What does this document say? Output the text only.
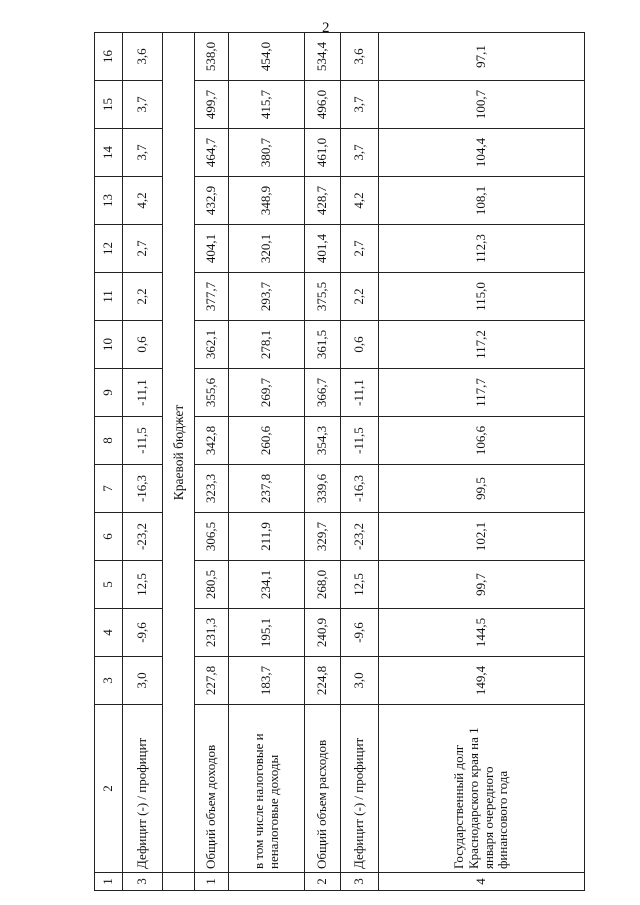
2
1	2	3	4	5	6	7	8	9	10	11	12	13	14	15	16
3	Дефицит (-) / профицит	3,0	-9,6	12,5	-23,2	-16,3	-11,5	-11,1	0,6	2,2	2,7	4,2	3,7	3,7	3,6
	Краевой бюджет														
1	Общий объем доходов	227,8	231,3	280,5	306,5	323,3	342,8	355,6	362,1	377,7	404,1	432,9	464,7	499,7	538,0
	в том числе налоговые и неналоговые доходы	183,7	195,1	234,1	211,9	237,8	260,6	269,7	278,1	293,7	320,1	348,9	380,7	415,7	454,0
2	Общий объем расходов	224,8	240,9	268,0	329,7	339,6	354,3	366,7	361,5	375,5	401,4	428,7	461,0	496,0	534,4
3	Дефицит (-) / профицит	3,0	-9,6	12,5	-23,2	-16,3	-11,5	-11,1	0,6	2,2	2,7	4,2	3,7	3,7	3,6
4	Государственный долг Краснодарского края на 1 января очередного финансового года	149,4	144,5	99,7	102,1	99,5	106,6	117,7	117,2	115,0	112,3	108,1	104,4	100,7	97,1
